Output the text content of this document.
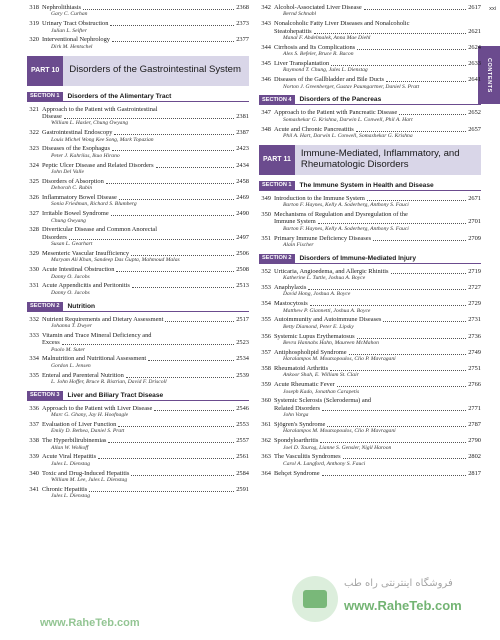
xxi
CONTENTS
318 Nephrolithiasis	2368
Gary C. Curhan
319 Urinary Tract Obstruction	2373
Julian L. Seifter
320 Interventional Nephrology	2377
Dirk M. Hentschel
PART 10	Disorders of the Gastrointestinal System
SECTION 1	Disorders of the Alimentary Tract
321 Approach to the Patient with Gastrointestinal
Disease	2381
William L. Hasler, Chung Owyang
322 Gastrointestinal Endoscopy	2387
Louis Michel Wong Kee Song, Mark Topazian
323 Diseases of the Esophagus	2423
Peter J. Kahrilas, Ikuo Hirano
324 Peptic Ulcer Disease and Related Disorders	2434
John Del Valle
325 Disorders of Absorption	2458
Deborah C. Rubin
326 Inflammatory Bowel Disease	2469
Sonia Friedman, Richard S. Blumberg
327 Irritable Bowel Syndrome	2490
Chung Owyang
328 Diverticular Disease and Common Anorectal
Disorders	2497
Susan L. Gearhart
329 Mesenteric Vascular Insufficiency	2506
Maryam Ali Khan, Sandeep Das Gupta, Mahmoud Malas
330 Acute Intestinal Obstruction	2508
Danny O. Jacobs
331 Acute Appendicitis and Peritonitis	2513
Danny O. Jacobs
SECTION 2	Nutrition
332 Nutrient Requirements and Dietary Assessment	2517
Johanna T. Dwyer
333 Vitamin and Trace Mineral Deficiency and
Excess	2523
Paolo M. Suter
334 Malnutrition and Nutritional Assessment	2534
Gordon L. Jensen
335 Enteral and Parenteral Nutrition	2539
L. John Hoffer, Bruce R. Bistrian, David F. Driscoll
SECTION 3	Liver and Biliary Tract Disease
336 Approach to the Patient with Liver Disease	2546
Marc G. Ghany, Jay H. Hoofnagle
337 Evaluation of Liver Function	2553
Emily D. Bethea, Daniel S. Pratt
338 The Hyperbilirubinemias	2557
Allan W. Wolkoff
339 Acute Viral Hepatitis	2561
Jules L. Dienstag
340 Toxic and Drug-Induced Hepatitis	2584
William M. Lee, Jules L. Dienstag
341 Chronic Hepatitis	2591
Jules L. Dienstag
342 Alcohol-Associated Liver Disease	2617
Bernd Schnabl
343 Nonalcoholic Fatty Liver Diseases and Nonalcoholic
Steatohepatitis	2621
Manal F. Abdelmalek, Anna Mae Diehl
344 Cirrhosis and Its Complications	2624
Alex S. Befeler, Bruce R. Bacon
345 Liver Transplantation	2633
Raymond T. Chung, Jules L. Dienstag
346 Diseases of the Gallbladder and Bile Ducts	2641
Norton J. Greenberger, Gustav Paumgartner, Daniel S. Pratt
SECTION 4	Disorders of the Pancreas
347 Approach to the Patient with Pancreatic Disease	2652
Somashekar G. Krishna, Darwin L. Conwell, Phil A. Hart
348 Acute and Chronic Pancreatitis	2657
Phil A. Hart, Darwin L. Conwell, Somashekar G. Krishna
PART 11
Immune-Mediated, Inflammatory, and Rheumatologic Disorders
SECTION 1	The Immune System in Health and Disease
349 Introduction to the Immune System	2671
Barton F. Haynes, Kelly A. Soderberg, Anthony S. Fauci
350 Mechanisms of Regulation and Dysregulation of the
Immune System	2701
Barton F. Haynes, Kelly A. Soderberg, Anthony S. Fauci
351 Primary Immune Deficiency Diseases	2709
Alain Fischer
SECTION 2	Disorders of Immune-Mediated Injury
352 Urticaria, Angioedema, and Allergic Rhinitis	2719
Katherine L. Tuttle, Joshua A. Boyce
353 Anaphylaxis	2727
David Hong, Joshua A. Boyce
354 Mastocytosis	2729
Matthew P. Giannetti, Joshua A. Boyce
355 Autoimmunity and Autoimmune Diseases	2731
Betty Diamond, Peter E. Lipsky
356 Systemic Lupus Erythematosus	2736
Bevra Hannahs Hahn, Maureen McMahon
357 Antiphospholipid Syndrome	2749
Haralampos M. Moutsopoulos, Clio P. Mavragani
358 Rheumatoid Arthritis	2751
Ankoor Shah, E. William St. Clair
359 Acute Rheumatic Fever	2766
Joseph Kado, Jonathan Carapetis
360 Systemic Sclerosis (Scleroderma) and
Related Disorders	2771
John Varga
361 Sjögren's Syndrome	2787
Haralampos M. Moutsopoulos, Clio P. Mavragani
362 Spondyloarthritis	2790
Joel D. Taurog, Lianne S. Gensler, Nigil Haroon
363 The Vasculitis Syndromes	2802
Carol A. Langford, Anthony S. Fauci
364 Behçet Syndrome	2817
فروشگاه اینترنتی راه طب
www.RaheTeb.com
www.RaheTeb.com
